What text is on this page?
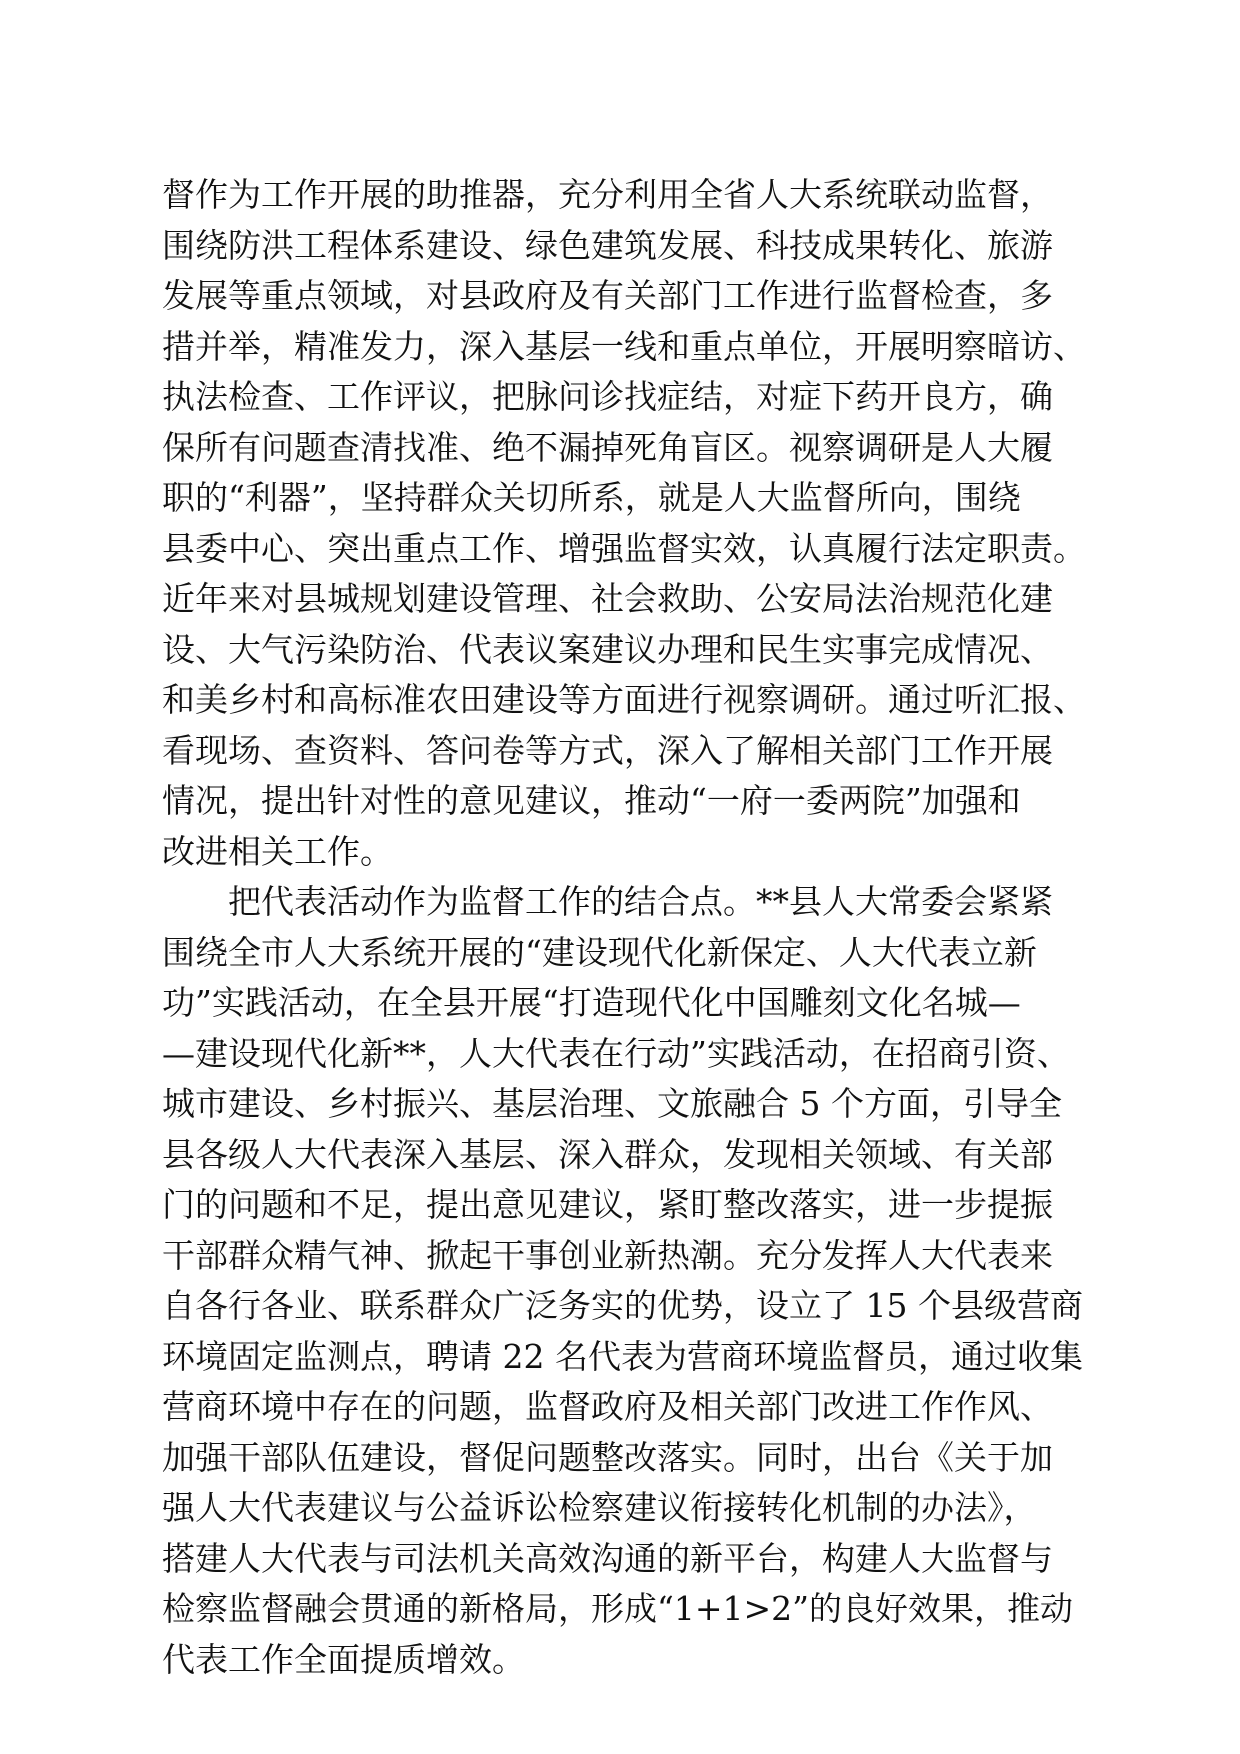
督作为工作开展的助推器，充分利用全省人大系统联动监督，
围绕防洪工程体系建设、绿色建筑发展、科技成果转化、旅游
发展等重点领域，对县政府及有关部门工作进行监督检查，多
措并举，精准发力，深入基层一线和重点单位，开展明察暗访、
执法检查、工作评议，把脉问诊找症结，对症下药开良方，确
保所有问题查清找准、绝不漏掉死角盲区。视察调研是人大履
职的“利器”，坚持群众关切所系，就是人大监督所向，围绕
县委中心、突出重点工作、增强监督实效，认真履行法定职责。
近年来对县城规划建设管理、社会救助、公安局法治规范化建
设、大气污染防治、代表议案建议办理和民生实事完成情况、
和美乡村和高标准农田建设等方面进行视察调研。通过听汇报、
看现场、查资料、答问卷等方式，深入了解相关部门工作开展
情况，提出针对性的意见建议，推动“一府一委两院”加强和
改进相关工作。
把代表活动作为监督工作的结合点。**县人大常委会紧紧
围绕全市人大系统开展的“建设现代化新保定、人大代表立新
功”实践活动，在全县开展“打造现代化中国雕刻文化名城—
—建设现代化新**，人大代表在行动”实践活动，在招商引资、
城市建设、乡村振兴、基层治理、文旅融合 5 个方面，引导全
县各级人大代表深入基层、深入群众，发现相关领域、有关部
门的问题和不足，提出意见建议，紧盯整改落实，进一步提振
干部群众精气神、掀起干事创业新热潮。充分发挥人大代表来
自各行各业、联系群众广泛务实的优势，设立了 15 个县级营商
环境固定监测点，聘请 22 名代表为营商环境监督员，通过收集
营商环境中存在的问题，监督政府及相关部门改进工作作风、
加强干部队伍建设，督促问题整改落实。同时，出台《关于加
强人大代表建议与公益诉讼检察建议衔接转化机制的办法》，
搭建人大代表与司法机关高效沟通的新平台，构建人大监督与
检察监督融会贯通的新格局，形成“1+1>2”的良好效果，推动
代表工作全面提质增效。
